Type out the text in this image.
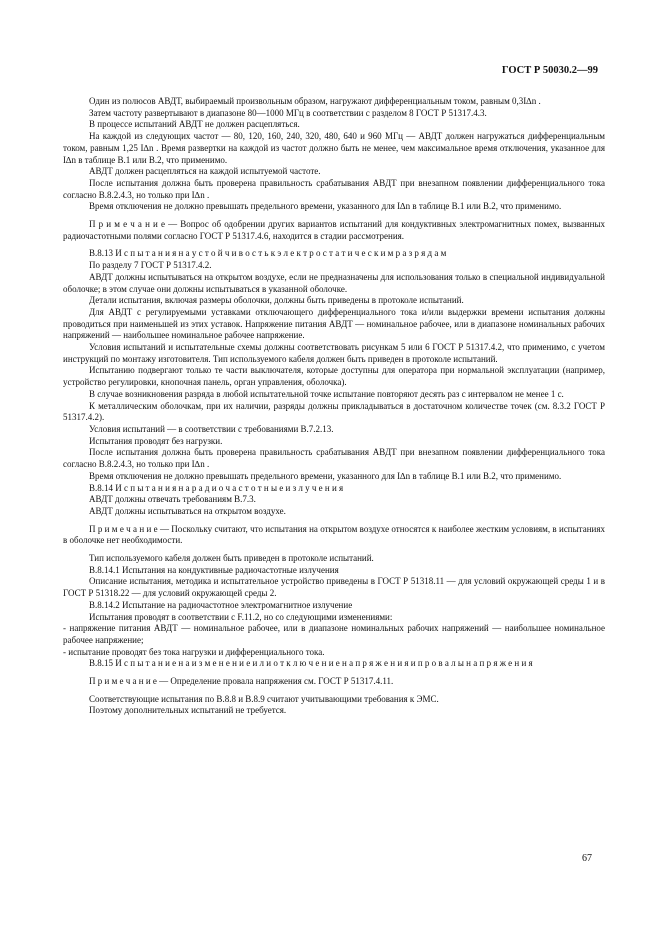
ГОСТ Р 50030.2—99

Один из полюсов АВДТ, выбираемый произвольным образом, нагружают дифференциальным током, равным 0,3I∆n .

Затем частоту развертывают в диапазоне 80—1000 МГц в соответствии с разделом 8 ГОСТ Р 51317.4.3.

В процессе испытаний АВДТ не должен расцепляться.

На каждой из следующих частот — 80, 120, 160, 240, 320, 480, 640 и 960 МГц — АВДТ должен нагружаться дифференциальным током, равным 1,25 I∆n . Время развертки на каждой из частот должно быть не менее, чем максимальное время отключения, указанное для I∆n в таблице В.1 или В.2, что применимо.

АВДТ должен расцепляться на каждой испытуемой частоте.

После испытания должна быть проверена правильность срабатывания АВДТ при внезапном появлении дифференциального тока согласно В.8.2.4.3, но только при I∆n .

Время отключения не должно превышать предельного времени, указанного для I∆n в таблице В.1 или В.2, что применимо.

П р и м е ч а н и е — Вопрос об одобрении других вариантов испытаний для кондуктивных электромагнитных помех, вызванных радиочастотными полями согласно ГОСТ Р 51317.4.6, находится в стадии рассмотрения.

В.8.13 И с п ы т а н и я н а у с т о й ч и в о с т ь к э л е к т р о с т а т и ч е с к и м р а з р я д а м

По разделу 7 ГОСТ Р 51317.4.2.

АВДТ должны испытываться на открытом воздухе, если не предназначены для использования только в специальной индивидуальной оболочке; в этом случае они должны испытываться в указанной оболочке.

Детали испытания, включая размеры оболочки, должны быть приведены в протоколе испытаний.

Для АВДТ с регулируемыми уставками отключающего дифференциального тока и/или выдержки времени испытания должны проводиться при наименьшей из этих уставок. Напряжение питания АВДТ — номинальное рабочее, или в диапазоне номинальных рабочих напряжений — наибольшее номинальное рабочее напряжение.

Условия испытаний и испытательные схемы должны соответствовать рисункам 5 или 6 ГОСТ Р 51317.4.2, что применимо, с учетом инструкций по монтажу изготовителя. Тип используемого кабеля должен быть приведен в протоколе испытаний.

Испытанию подвергают только те части выключателя, которые доступны для оператора при нормальной эксплуатации (например, устройство регулировки, кнопочная панель, орган управления, оболочка).

В случае возникновения разряда в любой испытательной точке испытание повторяют десять раз с интервалом не менее 1 с.

К металлическим оболочкам, при их наличии, разряды должны прикладываться в достаточном количестве точек (см. 8.3.2 ГОСТ Р 51317.4.2).

Условия испытаний — в соответствии с требованиями В.7.2.13.

Испытания проводят без нагрузки.

После испытания должна быть проверена правильность срабатывания АВДТ при внезапном появлении дифференциального тока согласно В.8.2.4.3, но только при I∆n .

Время отключения не должно превышать предельного времени, указанного для I∆n в таблице В.1 или В.2, что применимо.

В.8.14 И с п ы т а н и я н а р а д и о ч а с т о т н ы е и з л у ч е н и я

АВДТ должны отвечать требованиям В.7.3.

АВДТ должны испытываться на открытом воздухе.

П р и м е ч а н и е — Поскольку считают, что испытания на открытом воздухе относятся к наиболее жестким условиям, в испытаниях в оболочке нет необходимости.

Тип используемого кабеля должен быть приведен в протоколе испытаний.

В.8.14.1 Испытания на кондуктивные радиочастотные излучения

Описание испытания, методика и испытательное устройство приведены в ГОСТ Р 51318.11 — для условий окружающей среды 1 и в ГОСТ Р 51318.22 — для условий окружающей среды 2.

В.8.14.2 Испытание на радиочастотное электромагнитное излучение

Испытания проводят в соответствии с F.11.2, но со следующими изменениями:

- напряжение питания АВДТ — номинальное рабочее, или в диапазоне номинальных рабочих напряжений — наибольшее номинальное рабочее напряжение;

- испытание проводят без тока нагрузки и дифференциального тока.

В.8.15 И с п ы т а н и е н а и з м е н е н и е и л и о т к л ю ч е н и е н а п р я ж е н и я и п р о в а л ы н а п р я ж е н и я

П р и м е ч а н и е — Определение провала напряжения см. ГОСТ Р 51317.4.11.

Соответствующие испытания по В.8.8 и В.8.9 считают учитывающими требования к ЭМС.

Поэтому дополнительных испытаний не требуется.

67
